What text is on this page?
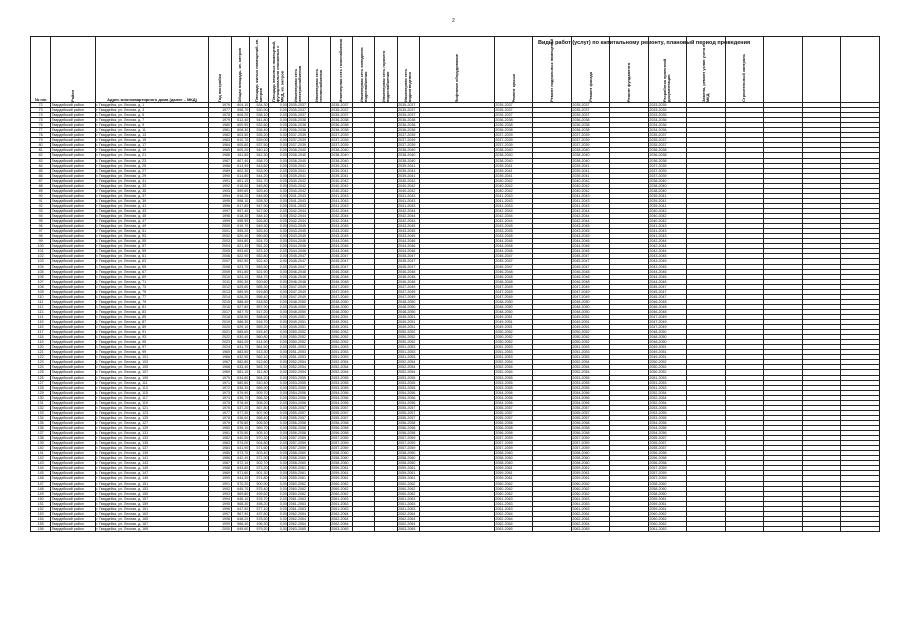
2
Виды работ (услуг) по капитальному ремонту, плановый период проведения
№ п/п	Район	Адрес многоквартирного дома (далее – МКД)	Год постройки	Общая площадь, кв. метров	Площадь жилых помещений, кв. метров	Площадь нежилых помещений, функционально связанных с МКД, кв. метров	Инженерная сеть электроснабжения	Инженерная сеть теплоснабжения	Инженерная сеть газоснабжения	Инженерная сеть холодного водоснабжения	Инженерная сеть горячего водоснабжения	Инженерная сеть водоотведения	Лифтовое оборудование	Ремонт крыши	Ремонт подвальных помещений	Ремонт фасада	Ремонт фундамента	Разработка проектной документации	Замена, ремонт узлов учета в МКД	Строительный контроль			

72	Гвардейский район	г. Гвардейск, ул. Лесная, д. 1	1976	604,10	534,30	0,00	2035-2037		2035-2037			2035-2037		2035-2037		2035-2037		2033-2035					
73	Гвардейский район	г. Гвардейск, ул. Лесная, д. 3	1977	598,70	530,90	0,00	2035-2037		2035-2037			2035-2037		2035-2037		2035-2037		2033-2035					
74	Гвардейский район	г. Гвардейск, ул. Лесная, д. 5	1978	606,20	538,10	0,00	2035-2037		2035-2037			2035-2037		2035-2037		2035-2037		2033-2035					
75	Гвардейский район	г. Гвардейск, ул. Лесная, д. 7	1979	612,40	541,80	0,00	2036-2038		2036-2038			2036-2038		2036-2038		2036-2038		2034-2036					
76	Гвардейский район	г. Гвардейск, ул. Лесная, д. 9	1980	600,90	532,60	0,00	2036-2038		2036-2038			2036-2038		2036-2038		2036-2038		2034-2036					
77	Гвардейский район	г. Гвардейск, ул. Лесная, д. 11	1981	608,30	536,40	0,00	2036-2038		2036-2038			2036-2038		2036-2038		2036-2038		2034-2036					
78	Гвардейский район	г. Гвардейск, ул. Лесная, д. 13	1982	603,50	535,20	0,00	2037-2039		2037-2039			2037-2039		2037-2039		2037-2039		2035-2037					
79	Гвардейский район	г. Гвардейск, ул. Лесная, д. 15	1983	610,70	539,00	0,00	2037-2039		2037-2039			2037-2039		2037-2039		2037-2039		2035-2037					
80	Гвардейский район	г. Гвардейск, ул. Лесная, д. 17	1984	605,80	537,50	0,00	2037-2039		2037-2039			2037-2039		2037-2039		2037-2039		2035-2037					
81	Гвардейский район	г. Гвардейск, ул. Лесная, д. 19	1985	609,20	540,10	0,00	2038-2040		2038-2040			2038-2040		2038-2040		2038-2040		2036-2038					
82	Гвардейский район	г. Гвардейск, ул. Лесная, д. 21	1986	611,60	542,30	0,00	2038-2040		2038-2040			2038-2040		2038-2040		2038-2040		2036-2038					
83	Гвардейский район	г. Гвардейск, ул. Лесная, д. 23	1987	607,40	538,70	0,00	2038-2040		2038-2040			2038-2040		2038-2040		2038-2040		2036-2038					
84	Гвардейский район	г. Гвардейск, ул. Лесная, д. 25	1988	613,90	543,60	0,00	2039-2041		2039-2041			2039-2041		2039-2041		2039-2041		2037-2039					
85	Гвардейский район	г. Гвардейск, ул. Лесная, д. 27	1989	602,30	533,90	0,00	2039-2041		2039-2041			2039-2041		2039-2041		2039-2041		2037-2039					
86	Гвардейский район	г. Гвардейск, ул. Лесная, д. 29	1990	614,80	544,20	0,00	2039-2041		2039-2041			2039-2041		2039-2041		2039-2041		2037-2039					
87	Гвардейский район	г. Гвардейск, ул. Лесная, д. 31	1991	601,10	531,70	0,00	2040-2042		2040-2042			2040-2042		2040-2042		2040-2042		2038-2040					
88	Гвардейский район	г. Гвардейск, ул. Лесная, д. 33	1992	615,50	545,80	0,00	2040-2042		2040-2042			2040-2042		2040-2042		2040-2042		2038-2040					
89	Гвардейский район	г. Гвардейск, ул. Лесная, д. 35	1993	599,60	529,40	0,00	2040-2042		2040-2042			2040-2042		2040-2042		2040-2042		2038-2040					
90	Гвардейский район	г. Гвардейск, ул. Лесная, д. 37	1994	616,20	546,50	0,00	2041-2043		2041-2043			2041-2043		2041-2043		2041-2043		2039-2041					
91	Гвардейский район	г. Гвардейск, ул. Лесная, д. 39	1995	598,10	528,30	0,00	2041-2043		2041-2043			2041-2043		2041-2043		2041-2043		2039-2041					
92	Гвардейский район	г. Гвардейск, ул. Лесная, д. 41	1996	617,80	547,90	0,00	2041-2043		2041-2043			2041-2043		2041-2043		2041-2043		2039-2041					
93	Гвардейский район	г. Гвардейск, ул. Лесная, д. 43	1997	597,40	527,60	0,00	2042-2044		2042-2044			2042-2044		2042-2044		2042-2044		2040-2042					
94	Гвардейский район	г. Гвардейск, ул. Лесная, д. 45	1998	618,30	548,10	0,00	2042-2044		2042-2044			2042-2044		2042-2044		2042-2044		2040-2042					
95	Гвардейский район	г. Гвардейск, ул. Лесная, д. 47	1999	596,90	526,80	0,00	2042-2044		2042-2044			2042-2044		2042-2044		2042-2044		2040-2042					
96	Гвардейский район	г. Гвардейск, ул. Лесная, д. 49	2000	619,70	549,30	0,00	2043-2045		2043-2045			2043-2045		2043-2045		2043-2045		2041-2043					
97	Гвардейский район	г. Гвардейск, ул. Лесная, д. 51	2001	595,20	525,40	0,00	2043-2045		2043-2045			2043-2045		2043-2045		2043-2045		2041-2043					
98	Гвардейский район	г. Гвардейск, ул. Лесная, д. 53	2002	620,40	550,60	0,00	2043-2045		2043-2045			2043-2045		2043-2045		2043-2045		2041-2043					
99	Гвардейский район	г. Гвардейск, ул. Лесная, д. 55	2003	594,80	524,70	0,00	2044-2046		2044-2046			2044-2046		2044-2046		2044-2046		2042-2044					
100	Гвардейский район	г. Гвардейск, ул. Лесная, д. 57	2004	621,30	551,20	0,00	2044-2046		2044-2046			2044-2046		2044-2046		2044-2046		2042-2044					
101	Гвардейский район	г. Гвардейск, ул. Лесная, д. 59	2005	593,60	523,10	0,00	2044-2046		2044-2046			2044-2046		2044-2046		2044-2046		2042-2044					
102	Гвардейский район	г. Гвардейск, ул. Лесная, д. 61	2006	622,90	552,80	0,00	2045-2047		2045-2047			2045-2047		2045-2047		2045-2047		2043-2045					
103	Гвардейский район	г. Гвардейск, ул. Лесная, д. 63	2007	592,50	522,40	0,00	2045-2047		2045-2047			2045-2047		2045-2047		2045-2047		2043-2045					
104	Гвардейский район	г. Гвардейск, ул. Лесная, д. 65	2008	623,70	553,50	0,00	2045-2047		2045-2047			2045-2047		2045-2047		2045-2047		2043-2045					
105	Гвардейский район	г. Гвардейск, ул. Лесная, д. 67	2009	591,80	521,90	0,00	2046-2048		2046-2048			2046-2048		2046-2048		2046-2048		2044-2046					
106	Гвардейский район	г. Гвардейск, ул. Лесная, д. 69	2010	624,10	554,70	0,00	2046-2048		2046-2048			2046-2048		2046-2048		2046-2048		2044-2046					
107	Гвардейский район	г. Гвардейск, ул. Лесная, д. 71	2011	590,30	520,60	0,00	2046-2048		2046-2048			2046-2048		2046-2048		2046-2048		2044-2046					
108	Гвардейский район	г. Гвардейск, ул. Лесная, д. 73	2012	625,60	555,30	0,00	2047-2049		2047-2049			2047-2049		2047-2049		2047-2049		2045-2047					
109	Гвардейский район	г. Гвардейск, ул. Лесная, д. 75	2013	589,90	519,80	0,00	2047-2049		2047-2049			2047-2049		2047-2049		2047-2049		2045-2047					
110	Гвардейский район	г. Гвардейск, ул. Лесная, д. 77	2014	626,20	556,40	0,00	2047-2049		2047-2049			2047-2049		2047-2049		2047-2049		2045-2047					
111	Гвардейский район	г. Гвардейск, ул. Лесная, д. 79	2015	588,40	518,50	0,00	2048-2050		2048-2050			2048-2050		2048-2050		2048-2050		2046-2048					
112	Гвардейский район	г. Гвардейск, ул. Лесная, д. 81	2016	627,80	557,90	0,00	2048-2050		2048-2050			2048-2050		2048-2050		2048-2050		2046-2048					
113	Гвардейский район	г. Гвардейск, ул. Лесная, д. 83	2017	587,70	517,20	0,00	2048-2050		2048-2050			2048-2050		2048-2050		2048-2050		2046-2048					
114	Гвардейский район	г. Гвардейск, ул. Лесная, д. 85	2018	628,50	558,60	0,00	2049-2051		2049-2051			2049-2051		2049-2051		2049-2051		2047-2049					
115	Гвардейский район	г. Гвардейск, ул. Лесная, д. 87	2019	586,30	516,70	0,00	2049-2051		2049-2051			2049-2051		2049-2051		2049-2051		2047-2049					
116	Гвардейский район	г. Гвардейск, ул. Лесная, д. 89	2020	629,10	559,20	0,00	2049-2051		2049-2051			2049-2051		2049-2051		2049-2051		2047-2049					
117	Гвардейский район	г. Гвардейск, ул. Лесная, д. 91	2021	585,60	515,40	0,00	2050-2052		2050-2052			2050-2052		2050-2052		2050-2052		2048-2050					
118	Гвардейский район	г. Гвардейск, ул. Лесная, д. 93	2022	630,40	560,80	0,00	2050-2052		2050-2052			2050-2052		2050-2052		2050-2052		2048-2050					
119	Гвардейский район	г. Гвардейск, ул. Лесная, д. 95	2023	584,20	514,90	0,00	2050-2052		2050-2052			2050-2052		2050-2052		2050-2052		2048-2050					
120	Гвардейский район	г. Гвардейск, ул. Лесная, д. 97	2024	631,70	561,50	0,00	2051-2053		2051-2053			2051-2053		2051-2053		2051-2053		2049-2051					
121	Гвардейский район	г. Гвардейск, ул. Лесная, д. 99	1965	583,50	513,30	0,00	2051-2053		2051-2053			2051-2053		2051-2053		2051-2053		2049-2051					
122	Гвардейский район	г. Гвардейск, ул. Лесная, д. 101	1966	632,90	562,10	0,00	2051-2053		2051-2053			2051-2053		2051-2053		2051-2053		2049-2051					
123	Гвардейский район	г. Гвардейск, ул. Лесная, д. 103	1967	582,80	512,60	0,00	2052-2054		2052-2054			2052-2054		2052-2054		2052-2054		2050-2052					
124	Гвардейский район	г. Гвардейск, ул. Лесная, д. 105	1968	633,40	563,70	0,00	2052-2054		2052-2054			2052-2054		2052-2054		2052-2054		2050-2052					
125	Гвардейский район	г. Гвардейск, ул. Лесная, д. 107	1969	581,10	511,80	0,00	2052-2054		2052-2054			2052-2054		2052-2054		2052-2054		2050-2052					
126	Гвардейский район	г. Гвардейск, ул. Лесная, д. 109	1970	634,80	564,20	0,00	2053-2055		2053-2055			2053-2055		2053-2055		2053-2055		2051-2053					
127	Гвардейский район	г. Гвардейск, ул. Лесная, д. 111	1971	580,60	510,40	0,00	2053-2055		2053-2055			2053-2055		2053-2055		2053-2055		2051-2053					
128	Гвардейский район	г. Гвардейск, ул. Лесная, д. 113	1972	635,30	565,90	0,00	2053-2055		2053-2055			2053-2055		2053-2055		2053-2055		2051-2053					
129	Гвардейский район	г. Гвардейск, ул. Лесная, д. 115	1973	579,90	509,70	0,00	2054-2056		2054-2056			2054-2056		2054-2056		2054-2056		2052-2054					
130	Гвардейский район	г. Гвардейск, ул. Лесная, д. 117	1974	636,70	566,30	0,00	2054-2056		2054-2056			2054-2056		2054-2056		2054-2056		2052-2054					
131	Гвардейский район	г. Гвардейск, ул. Лесная, д. 119	1975	578,40	508,20	0,00	2054-2056		2054-2056			2054-2056		2054-2056		2054-2056		2052-2054					
132	Гвардейский район	г. Гвардейск, ул. Лесная, д. 121	1976	637,20	567,80	0,00	2055-2057		2055-2057			2055-2057		2055-2057		2055-2057		2053-2055					
133	Гвардейский район	г. Гвардейск, ул. Лесная, д. 123	1977	577,30	507,90	0,00	2055-2057		2055-2057			2055-2057		2055-2057		2055-2057		2053-2055					
134	Гвардейский район	г. Гвардейск, ул. Лесная, д. 125	1978	638,60	568,40	0,00	2055-2057		2055-2057			2055-2057		2055-2057		2055-2057		2053-2055					
135	Гвардейский район	г. Гвардейск, ул. Лесная, д. 127	1979	576,80	506,50	0,00	2056-2058		2056-2058			2056-2058		2056-2058		2056-2058		2054-2056					
136	Гвардейский район	г. Гвардейск, ул. Лесная, д. 129	1980	639,10	569,70	0,00	2056-2058		2056-2058			2056-2058		2056-2058		2056-2058		2054-2056					
137	Гвардейский район	г. Гвардейск, ул. Лесная, д. 131	1981	575,50	505,10	0,00	2056-2058		2056-2058			2056-2058		2056-2058		2056-2058		2054-2056					
138	Гвардейский район	г. Гвардейск, ул. Лесная, д. 133	1982	640,50	570,30	0,00	2057-2059		2057-2059			2057-2059		2057-2059		2057-2059		2055-2057					
139	Гвардейский район	г. Гвардейск, ул. Лесная, д. 135	1983	574,20	504,80	0,00	2057-2059		2057-2059			2057-2059		2057-2059		2057-2059		2055-2057					
140	Гвардейский район	г. Гвардейск, ул. Лесная, д. 137	1984	641,90	571,60	0,00	2057-2059		2057-2059			2057-2059		2057-2059		2057-2059		2055-2057					
141	Гвардейский район	г. Гвардейск, ул. Лесная, д. 139	1985	573,70	503,40	0,00	2058-2060		2058-2060			2058-2060		2058-2060		2058-2060		2056-2058					
142	Гвардейский район	г. Гвардейск, ул. Лесная, д. 141	1986	642,40	572,90	0,00	2058-2060		2058-2060			2058-2060		2058-2060		2058-2060		2056-2058					
143	Гвардейский район	г. Гвардейск, ул. Лесная, д. 143	1987	572,10	502,70	0,00	2058-2060		2058-2060			2058-2060		2058-2060		2058-2060		2056-2058					
144	Гвардейский район	г. Гвардейск, ул. Лесная, д. 145	1988	643,80	573,20	0,00	2059-2061		2059-2061			2059-2061		2059-2061		2059-2061		2057-2059					
145	Гвардейский район	г. Гвардейск, ул. Лесная, д. 147	1989	571,60	501,30	0,00	2059-2061		2059-2061			2059-2061		2059-2061		2059-2061		2057-2059					
146	Гвардейский район	г. Гвардейск, ул. Лесная, д. 149	1990	644,30	574,80	0,00	2059-2061		2059-2061			2059-2061		2059-2061		2059-2061		2057-2059					
147	Гвардейский район	г. Гвардейск, ул. Лесная, д. 151	1991	570,20	500,90	0,00	2060-2062		2060-2062			2060-2062		2060-2062		2060-2062		2058-2060					
148	Гвардейский район	г. Гвардейск, ул. Лесная, д. 153	1992	645,70	575,40	0,00	2060-2062		2060-2062			2060-2062		2060-2062		2060-2062		2058-2060					
149	Гвардейский район	г. Гвардейск, ул. Лесная, д. 155	1993	569,80	499,60	0,00	2060-2062		2060-2062			2060-2062		2060-2062		2060-2062		2058-2060					
150	Гвардейский район	г. Гвардейск, ул. Лесная, д. 157	1994	646,10	576,70	0,00	2061-2063		2061-2063			2061-2063		2061-2063		2061-2063		2059-2061					
151	Гвардейский район	г. Гвардейск, ул. Лесная, д. 159	1995	568,30	498,20	0,00	2061-2063		2061-2063			2061-2063		2061-2063		2061-2063		2059-2061					
152	Гвардейский район	г. Гвардейск, ул. Лесная, д. 161	1996	647,50	577,10	0,00	2061-2063		2061-2063			2061-2063		2061-2063		2061-2063		2059-2061					
153	Гвардейский район	г. Гвардейск, ул. Лесная, д. 163	1997	567,90	497,80	0,00	2062-2064		2062-2064			2062-2064		2062-2064		2062-2064		2060-2062					
154	Гвардейский район	г. Гвардейск, ул. Лесная, д. 165	1998	648,20	578,50	0,00	2062-2064		2062-2064			2062-2064		2062-2064		2062-2064		2060-2062					
155	Гвардейский район	г. Гвардейск, ул. Лесная, д. 167	1999	566,40	496,30	0,00	2062-2064		2062-2064			2062-2064		2062-2064		2062-2064		2060-2062					
156	Гвардейский район	г. Гвардейск, ул. Лесная, д. 169	2000	649,60	579,20	0,00	2063-2065		2063-2065			2063-2065		2063-2065		2063-2065		2061-2063					
